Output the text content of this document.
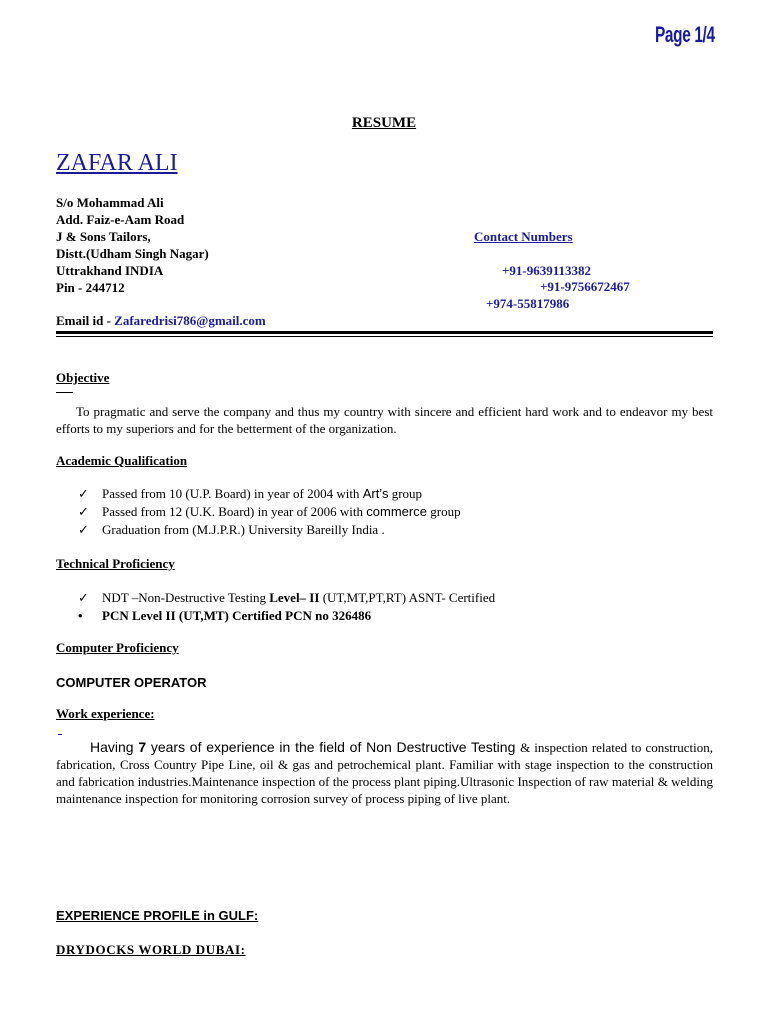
Page 1/4
RESUME
ZAFAR ALI
S/o Mohammad Ali
Add. Faiz-e-Aam Road
J & Sons Tailors,
Distt.(Udham Singh Nagar)
Uttrakhand INDIA
Pin - 244712
Contact Numbers
+91-9639113382
+91-9756672467
+974-55817986
Email id - Zafaredrisi786@gmail.com
Objective
To pragmatic and serve the company and thus my country with sincere and efficient hard work and to endeavor my best efforts to my superiors and for the betterment of the organization.
Academic Qualification
✓ Passed from 10 (U.P. Board) in year of 2004 with Art’s group
✓ Passed from 12 (U.K. Board) in year of 2006 with commerce group
✓ Graduation from (M.J.P.R.) University Bareilly India .
Technical Proficiency
✓ NDT –Non-Destructive Testing Level– II (UT,MT,PT,RT) ASNT- Certified
• PCN Level II (UT,MT) Certified PCN no 326486
Computer Proficiency
COMPUTER OPERATOR
Work experience:
Having 7 years of experience in the field of Non Destructive Testing & inspection related to construction, fabrication, Cross Country Pipe Line, oil & gas and petrochemical plant. Familiar with stage inspection to the construction and fabrication industries.Maintenance inspection of the process plant piping.Ultrasonic Inspection of raw material & welding maintenance inspection for monitoring corrosion survey of process piping of live plant.
EXPERIENCE PROFILE in GULF:
DRYDOCKS WORLD DUBAI:
